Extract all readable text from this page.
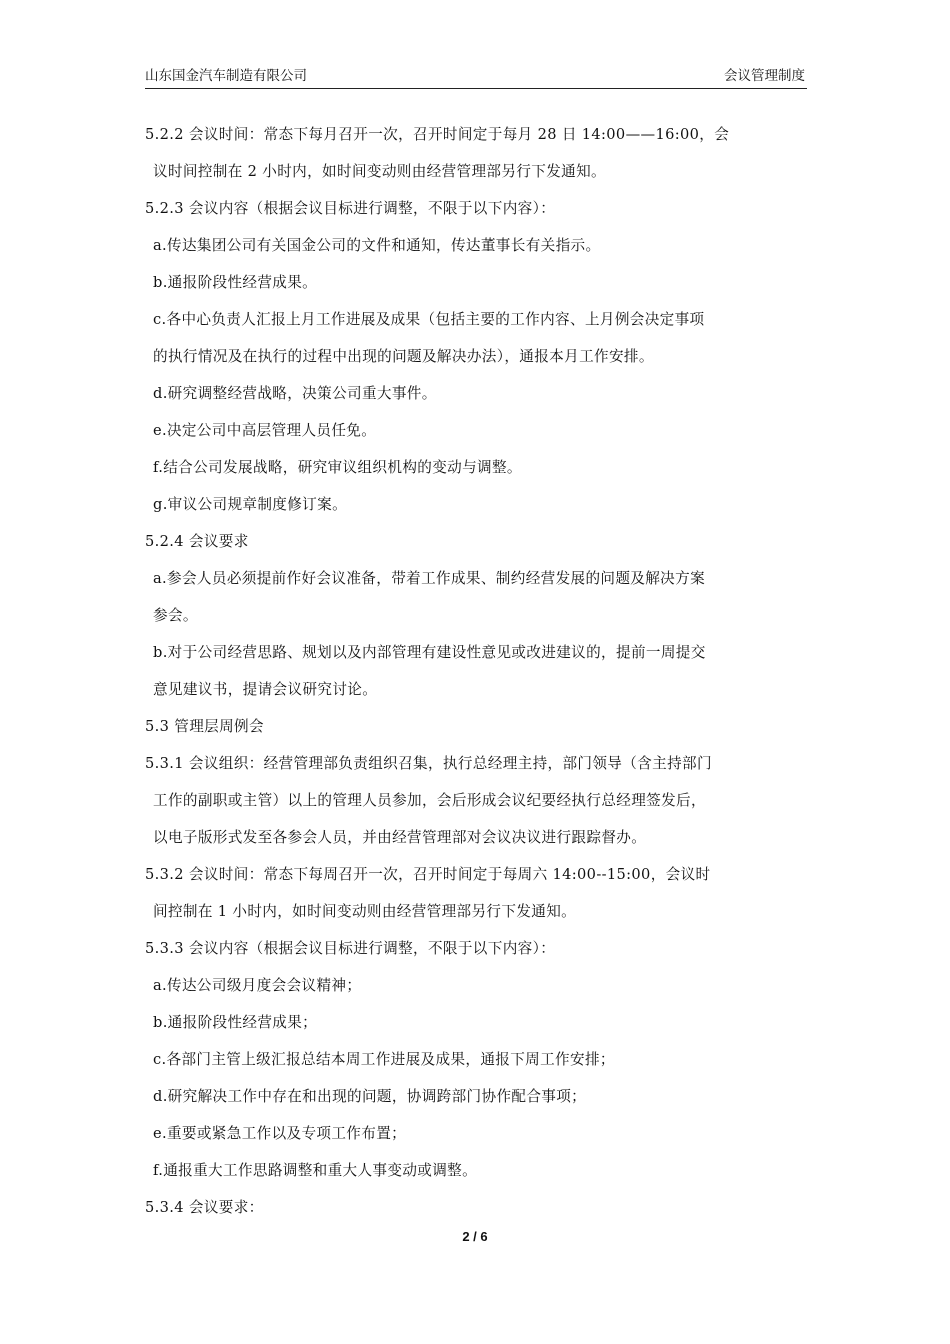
山东国金汽车制造有限公司	会议管理制度
5.2.2 会议时间：常态下每月召开一次，召开时间定于每月 28 日 14:00——16:00，会
议时间控制在 2 小时内，如时间变动则由经营管理部另行下发通知。
5.2.3 会议内容（根据会议目标进行调整，不限于以下内容）：
a.传达集团公司有关国金公司的文件和通知，传达董事长有关指示。
b.通报阶段性经营成果。
c.各中心负责人汇报上月工作进展及成果（包括主要的工作内容、上月例会决定事项
的执行情况及在执行的过程中出现的问题及解决办法），通报本月工作安排。
d.研究调整经营战略，决策公司重大事件。
e.决定公司中高层管理人员任免。
f.结合公司发展战略，研究审议组织机构的变动与调整。
g.审议公司规章制度修订案。
5.2.4 会议要求
a.参会人员必须提前作好会议准备，带着工作成果、制约经营发展的问题及解决方案
参会。
b.对于公司经营思路、规划以及内部管理有建设性意见或改进建议的，提前一周提交
意见建议书，提请会议研究讨论。
5.3 管理层周例会
5.3.1 会议组织：经营管理部负责组织召集，执行总经理主持，部门领导（含主持部门
工作的副职或主管）以上的管理人员参加，会后形成会议纪要经执行总经理签发后，
以电子版形式发至各参会人员，并由经营管理部对会议决议进行跟踪督办。
5.3.2 会议时间：常态下每周召开一次，召开时间定于每周六 14:00--15:00，会议时
间控制在 1 小时内，如时间变动则由经营管理部另行下发通知。
5.3.3 会议内容（根据会议目标进行调整，不限于以下内容）：
a.传达公司级月度会会议精神；
b.通报阶段性经营成果；
c.各部门主管上级汇报总结本周工作进展及成果，通报下周工作安排；
d.研究解决工作中存在和出现的问题，协调跨部门协作配合事项；
e.重要或紧急工作以及专项工作布置；
f.通报重大工作思路调整和重大人事变动或调整。
5.3.4 会议要求：
2 / 6
